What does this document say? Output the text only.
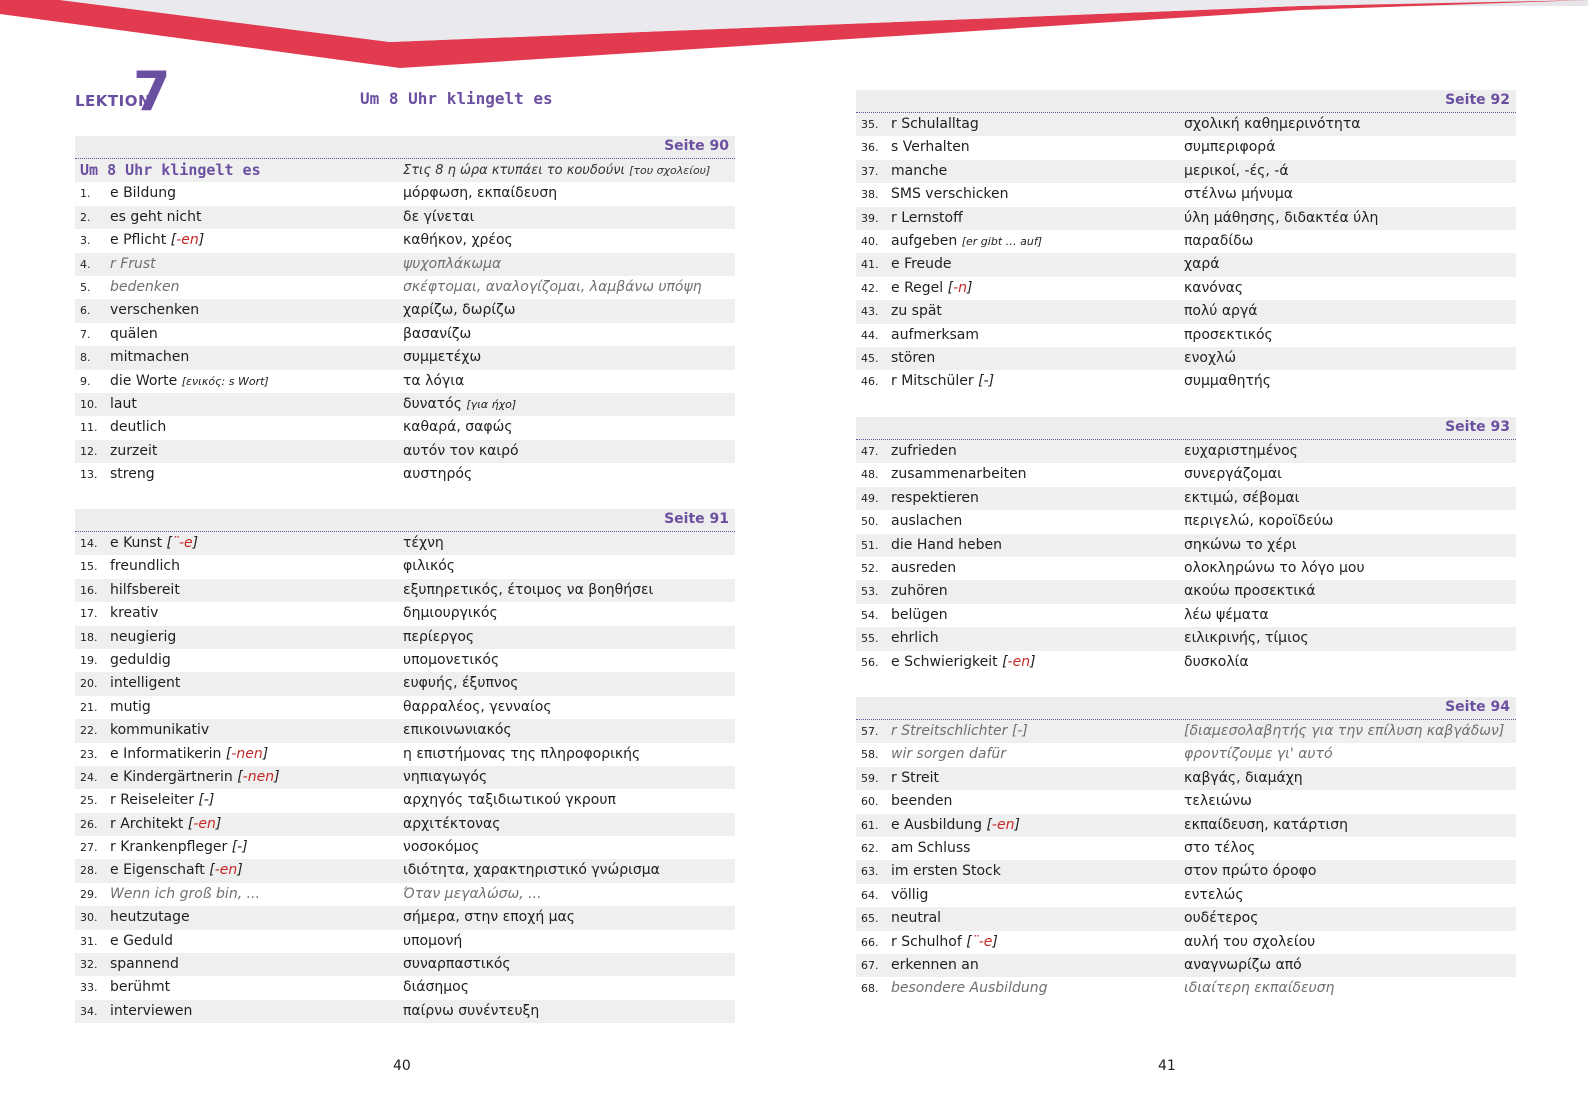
LEKTION
7	Um 8 Uhr klingelt es
Seite 90
Um 8 Uhr klingelt es	Στις 8 η ώρα κτυπάει το κουδούνι [του σχολείου]
1. e Bildung	μόρφωση, εκπαίδευση
2. es geht nicht	δε γίνεται
3. e Pflicht [-en]	καθήκον, χρέος
4. r Frust	ψυχοπλάκωμα
5. bedenken	σκέφτομαι, αναλογίζομαι, λαμβάνω υπόψη
6. verschenken	χαρίζω, δωρίζω
7. quälen	βασανίζω
8. mitmachen	συμμετέχω
9. die Worte [ενικός: s Wort]	τα λόγια
10. laut	δυνατός [για ήχο]
11. deutlich	καθαρά, σαφώς
12. zurzeit	αυτόν τον καιρό
13. streng	αυστηρός
Seite 91
14. e Kunst [¨-e]	τέχνη
15. freundlich	φιλικός
16. hilfsbereit	εξυπηρετικός, έτοιμος να βοηθήσει
17. kreativ	δημιουργικός
18. neugierig	περίεργος
19. geduldig	υπομονετικός
20. intelligent	ευφυής, έξυπνος
21. mutig	θαρραλέος, γενναίος
22. kommunikativ	επικοινωνιακός
23. e Informatikerin [-nen]	η επιστήμονας της πληροφορικής
24. e Kindergärtnerin [-nen]	νηπιαγωγός
25. r Reiseleiter [-]	αρχηγός ταξιδιωτικού γκρουπ
26. r Architekt [-en]	αρχιτέκτονας
27. r Krankenpfleger [-]	νοσοκόμος
28. e Eigenschaft [-en]	ιδιότητα, χαρακτηριστικό γνώρισμα
29. Wenn ich groß bin, ...	Όταν μεγαλώσω, ...
30. heutzutage	σήμερα, στην εποχή μας
31. e Geduld	υπομονή
32. spannend	συναρπαστικός
33. berühmt	διάσημος
34. interviewen	παίρνω συνέντευξη
40
Seite 92
35. r Schulalltag	σχολική καθημερινότητα
36. s Verhalten	συμπεριφορά
37. manche	μερικοί, -ές, -ά
38. SMS verschicken	στέλνω μήνυμα
39. r Lernstoff	ύλη μάθησης, διδακτέα ύλη
40. aufgeben [er gibt … auf]	παραδίδω
41. e Freude	χαρά
42. e Regel [-n]	κανόνας
43. zu spät	πολύ αργά
44. aufmerksam	προσεκτικός
45. stören	ενοχλώ
46. r Mitschüler [-]	συμμαθητής
Seite 93
47. zufrieden	ευχαριστημένος
48. zusammenarbeiten	συνεργάζομαι
49. respektieren	εκτιμώ, σέβομαι
50. auslachen	περιγελώ, κοροϊδεύω
51. die Hand heben	σηκώνω το χέρι
52. ausreden	ολοκληρώνω το λόγο μου
53. zuhören	ακούω προσεκτικά
54. belügen	λέω ψέματα
55. ehrlich	ειλικρινής, τίμιος
56. e Schwierigkeit [-en]	δυσκολία
Seite 94
57. r Streitschlichter [-]	[διαμεσολαβητής για την επίλυση καβγάδων]
58. wir sorgen dafür	φροντίζουμε γι' αυτό
59. r Streit	καβγάς, διαμάχη
60. beenden	τελειώνω
61. e Ausbildung [-en]	εκπαίδευση, κατάρτιση
62. am Schluss	στο τέλος
63. im ersten Stock	στον πρώτο όροφο
64. völlig	εντελώς
65. neutral	ουδέτερος
66. r Schulhof [¨-e]	αυλή του σχολείου
67. erkennen an	αναγνωρίζω από
68. besondere Ausbildung	ιδιαίτερη εκπαίδευση
41
